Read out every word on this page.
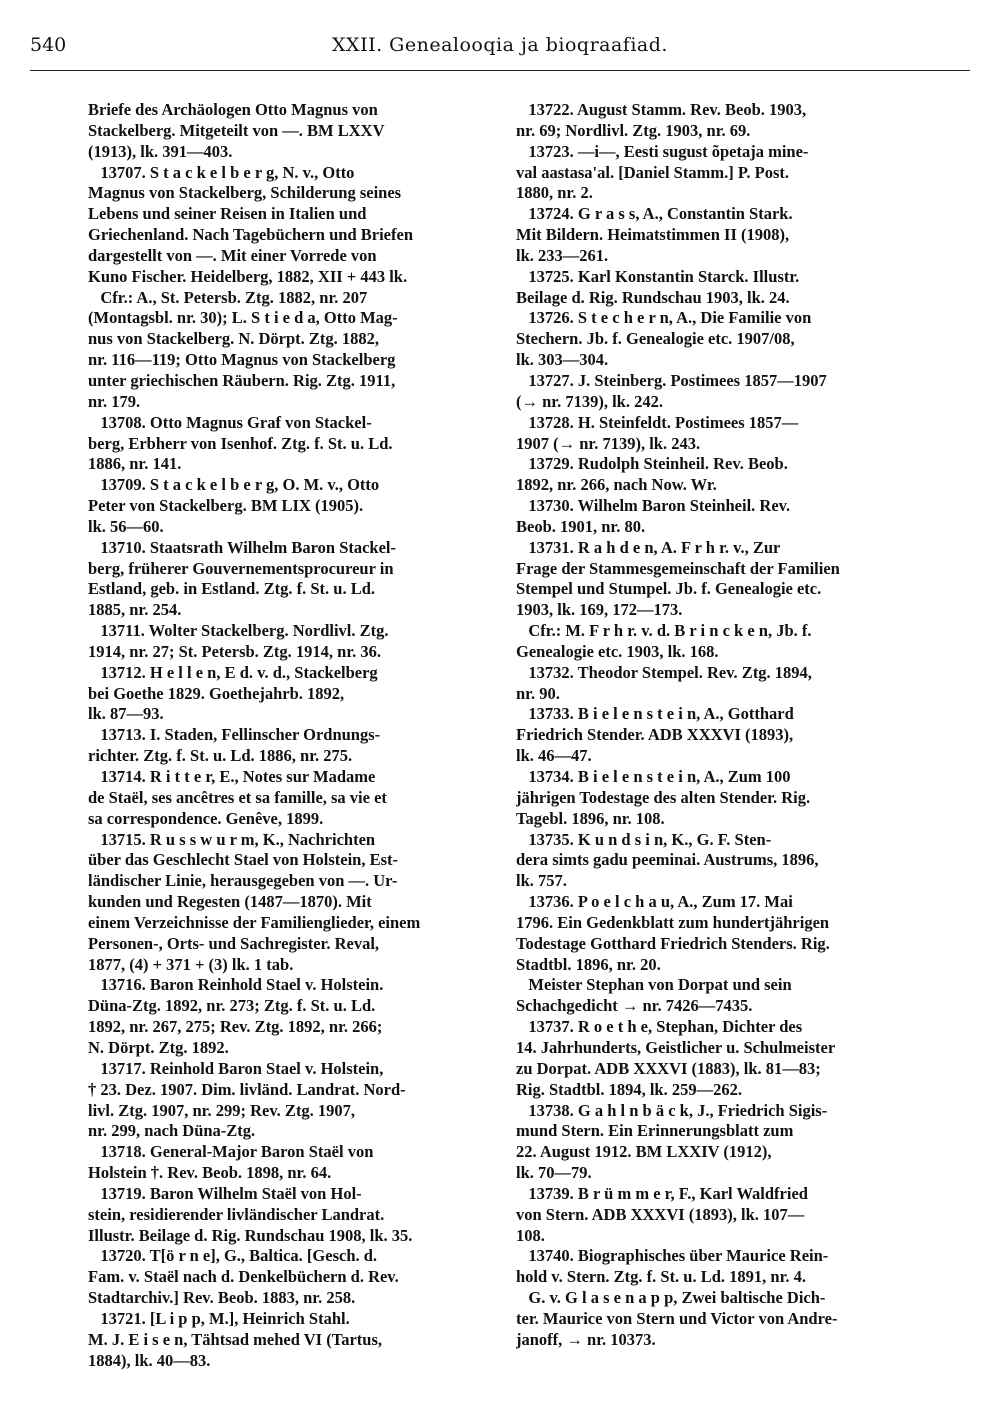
540	XXII. Genealooqia ja bioqraafiad.
Briefe des Archäologen Otto Magnus von
Stackelberg. Mitgeteilt von —. BM LXXV
(1913), lk. 391—403.
13707. S t a c k e l b e r g, N. v., Otto
Magnus von Stackelberg, Schilderung seines
Lebens und seiner Reisen in Italien und
Griechenland. Nach Tagebüchern und Briefen
dargestellt von —. Mit einer Vorrede von
Kuno Fischer. Heidelberg, 1882, XII + 443 lk.
Cfr.: A., St. Petersb. Ztg. 1882, nr. 207
(Montagsbl. nr. 30); L. S t i e d a, Otto Mag-
nus von Stackelberg. N. Dörpt. Ztg. 1882,
nr. 116—119; Otto Magnus von Stackelberg
unter griechischen Räubern. Rig. Ztg. 1911,
nr. 179.
13708. Otto Magnus Graf von Stackel-
berg, Erbherr von Isenhof. Ztg. f. St. u. Ld.
1886, nr. 141.
13709. S t a c k e l b e r g, O. M. v., Otto
Peter von Stackelberg. BM LIX (1905).
lk. 56—60.
13710. Staatsrath Wilhelm Baron Stackel-
berg, früherer Gouvernementsprocureur in
Estland, geb. in Estland. Ztg. f. St. u. Ld.
1885, nr. 254.
13711. Wolter Stackelberg. Nordlivl. Ztg.
1914, nr. 27; St. Petersb. Ztg. 1914, nr. 36.
13712. H e l l e n, E d. v. d., Stackelberg
bei Goethe 1829. Goethejahrb. 1892,
lk. 87—93.
13713. I. Staden, Fellinscher Ordnungs-
richter. Ztg. f. St. u. Ld. 1886, nr. 275.
13714. R i t t e r, E., Notes sur Madame
de Staël, ses ancêtres et sa famille, sa vie et
sa correspondence. Genêve, 1899.
13715. R u s s w u r m, K., Nachrichten
über das Geschlecht Stael von Holstein, Est-
ländischer Linie, herausgegeben von —. Ur-
kunden und Regesten (1487—1870). Mit
einem Verzeichnisse der Familienglieder, einem
Personen-, Orts- und Sachregister. Reval,
1877, (4) + 371 + (3) lk. 1 tab.
13716. Baron Reinhold Stael v. Holstein.
Düna-Ztg. 1892, nr. 273; Ztg. f. St. u. Ld.
1892, nr. 267, 275; Rev. Ztg. 1892, nr. 266;
N. Dörpt. Ztg. 1892.
13717. Reinhold Baron Stael v. Holstein,
† 23. Dez. 1907. Dim. livländ. Landrat. Nord-
livl. Ztg. 1907, nr. 299; Rev. Ztg. 1907,
nr. 299, nach Düna-Ztg.
13718. General-Major Baron Staël von
Holstein †. Rev. Beob. 1898, nr. 64.
13719. Baron Wilhelm Staël von Hol-
stein, residierender livländischer Landrat.
Illustr. Beilage d. Rig. Rundschau 1908, lk. 35.
13720. T[ö r n e], G., Baltica. [Gesch. d.
Fam. v. Staël nach d. Denkelbüchern d. Rev.
Stadtarchiv.] Rev. Beob. 1883, nr. 258.
13721. [L i p p, M.], Heinrich Stahl.
M. J. E i s e n, Tähtsad mehed VI (Tartus,
1884), lk. 40—83.
13722. August Stamm. Rev. Beob. 1903,
nr. 69; Nordlivl. Ztg. 1903, nr. 69.
13723. —i—, Eesti sugust õpetaja mine-
val aastasa'al. [Daniel Stamm.] P. Post.
1880, nr. 2.
13724. G r a s s, A., Constantin Stark.
Mit Bildern. Heimatstimmen II (1908),
lk. 233—261.
13725. Karl Konstantin Starck. Illustr.
Beilage d. Rig. Rundschau 1903, lk. 24.
13726. S t e c h e r n, A., Die Familie von
Stechern. Jb. f. Genealogie etc. 1907/08,
lk. 303—304.
13727. J. Steinberg. Postimees 1857—1907
(→ nr. 7139), lk. 242.
13728. H. Steinfeldt. Postimees 1857—
1907 (→ nr. 7139), lk. 243.
13729. Rudolph Steinheil. Rev. Beob.
1892, nr. 266, nach Now. Wr.
13730. Wilhelm Baron Steinheil. Rev.
Beob. 1901, nr. 80.
13731. R a h d e n, A. F r h r. v., Zur
Frage der Stammesgemeinschaft der Familien
Stempel und Stumpel. Jb. f. Genealogie etc.
1903, lk. 169, 172—173.
Cfr.: M. F r h r. v. d. B r i n c k e n, Jb. f.
Genealogie etc. 1903, lk. 168.
13732. Theodor Stempel. Rev. Ztg. 1894,
nr. 90.
13733. B i e l e n s t e i n, A., Gotthard
Friedrich Stender. ADB XXXVI (1893),
lk. 46—47.
13734. B i e l e n s t e i n, A., Zum 100
jährigen Todestage des alten Stender. Rig.
Tagebl. 1896, nr. 108.
13735. K u n d s i n, K., G. F. Sten-
dera simts gadu peeminai. Austrums, 1896,
lk. 757.
13736. P o e l c h a u, A., Zum 17. Mai
1796. Ein Gedenkblatt zum hundertjährigen
Todestage Gotthard Friedrich Stenders. Rig.
Stadtbl. 1896, nr. 20.
Meister Stephan von Dorpat und sein
Schachgedicht → nr. 7426—7435.
13737. R o e t h e, Stephan, Dichter des
14. Jahrhunderts, Geistlicher u. Schulmeister
zu Dorpat. ADB XXXVI (1883), lk. 81—83;
Rig. Stadtbl. 1894, lk. 259—262.
13738. G a h l n b ä c k, J., Friedrich Sigis-
mund Stern. Ein Erinnerungsblatt zum
22. August 1912. BM LXXIV (1912),
lk. 70—79.
13739. B r ü m m e r, F., Karl Waldfried
von Stern. ADB XXXVI (1893), lk. 107—
108.
13740. Biographisches über Maurice Rein-
hold v. Stern. Ztg. f. St. u. Ld. 1891, nr. 4.
G. v. G l a s e n a p p, Zwei baltische Dich-
ter. Maurice von Stern und Victor von Andre-
janoff, → nr. 10373.
